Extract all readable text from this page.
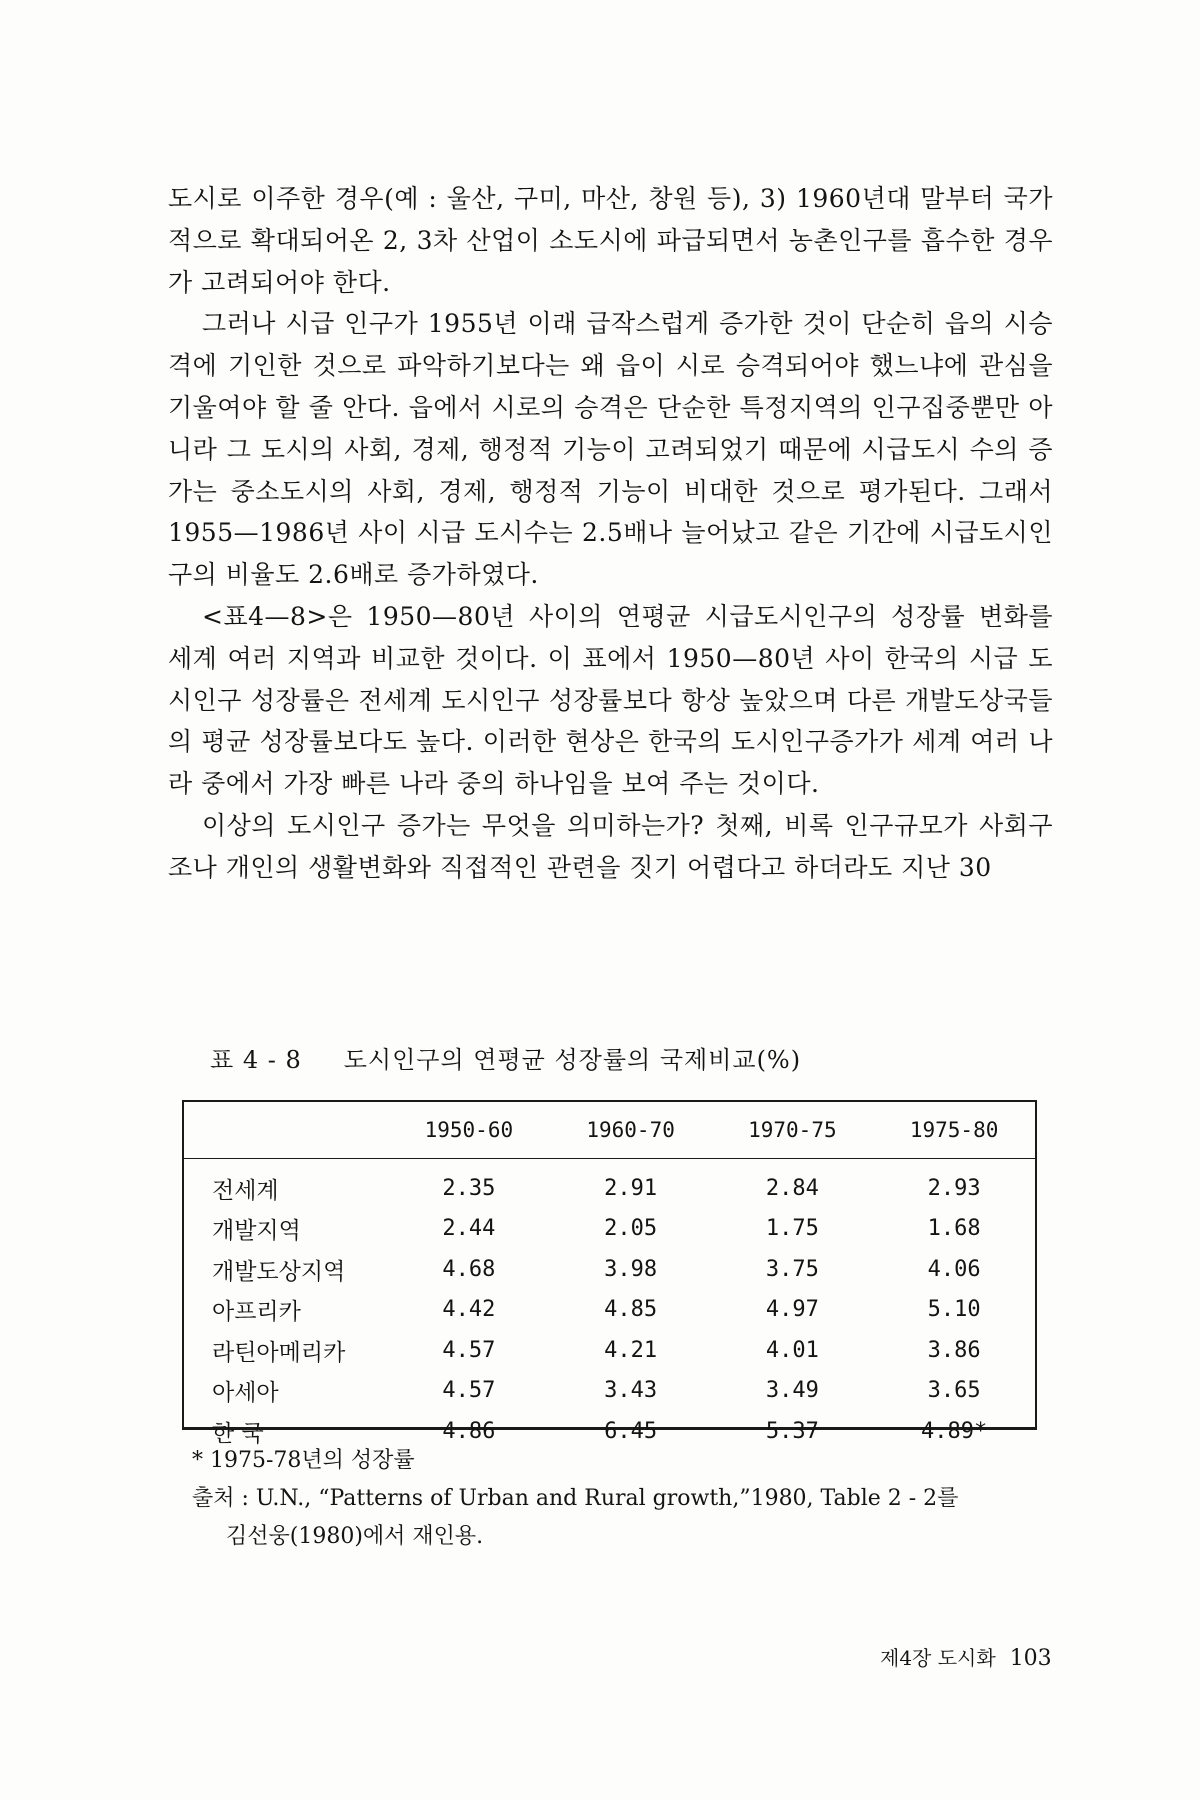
도시로 이주한 경우(예 : 울산, 구미, 마산, 창원 등), 3) 1960년대 말부터 국가적으로 확대되어온 2, 3차 산업이 소도시에 파급되면서 농촌인구를 흡수한 경우가 고려되어야 한다.

그러나 시급 인구가 1955년 이래 급작스럽게 증가한 것이 단순히 읍의 시승격에 기인한 것으로 파악하기보다는 왜 읍이 시로 승격되어야 했느냐에 관심을 기울여야 할 줄 안다. 읍에서 시로의 승격은 단순한 특정지역의 인구집중뿐만 아니라 그 도시의 사회, 경제, 행정적 기능이 고려되었기 때문에 시급도시 수의 증가는 중소도시의 사회, 경제, 행정적 기능이 비대한 것으로 평가된다. 그래서 1955—1986년 사이 시급 도시수는 2.5배나 늘어났고 같은 기간에 시급도시인구의 비율도 2.6배로 증가하였다.

<표4—8>은 1950—80년 사이의 연평균 시급도시인구의 성장률 변화를 세계 여러 지역과 비교한 것이다. 이 표에서 1950—80년 사이 한국의 시급 도시인구 성장률은 전세계 도시인구 성장률보다 항상 높았으며 다른 개발도상국들의 평균 성장률보다도 높다. 이러한 현상은 한국의 도시인구증가가 세계 여러 나라 중에서 가장 빠른 나라 중의 하나임을 보여 주는 것이다.

이상의 도시인구 증가는 무엇을 의미하는가? 첫째, 비록 인구규모가 사회구조나 개인의 생활변화와 직접적인 관련을 짓기 어렵다고 하더라도 지난 30

표 4 - 8 도시인구의 연평균 성장률의 국제비교(%)
	1950-60	1960-70	1970-75	1975-80
전세계	2.35	2.91	2.84	2.93
개발지역	2.44	2.05	1.75	1.68
개발도상지역	4.68	3.98	3.75	4.06
아프리카	4.42	4.85	4.97	5.10
라틴아메리카	4.57	4.21	4.01	3.86
아세아	4.57	3.43	3.49	3.65
한 국	4.86	6.45	5.37	4.89*

* 1975-78년의 성장률

출처 : U.N., “Patterns of Urban and Rural growth,”1980, Table 2 - 2를

김선웅(1980)에서 재인용.

제4장 도시화 103
